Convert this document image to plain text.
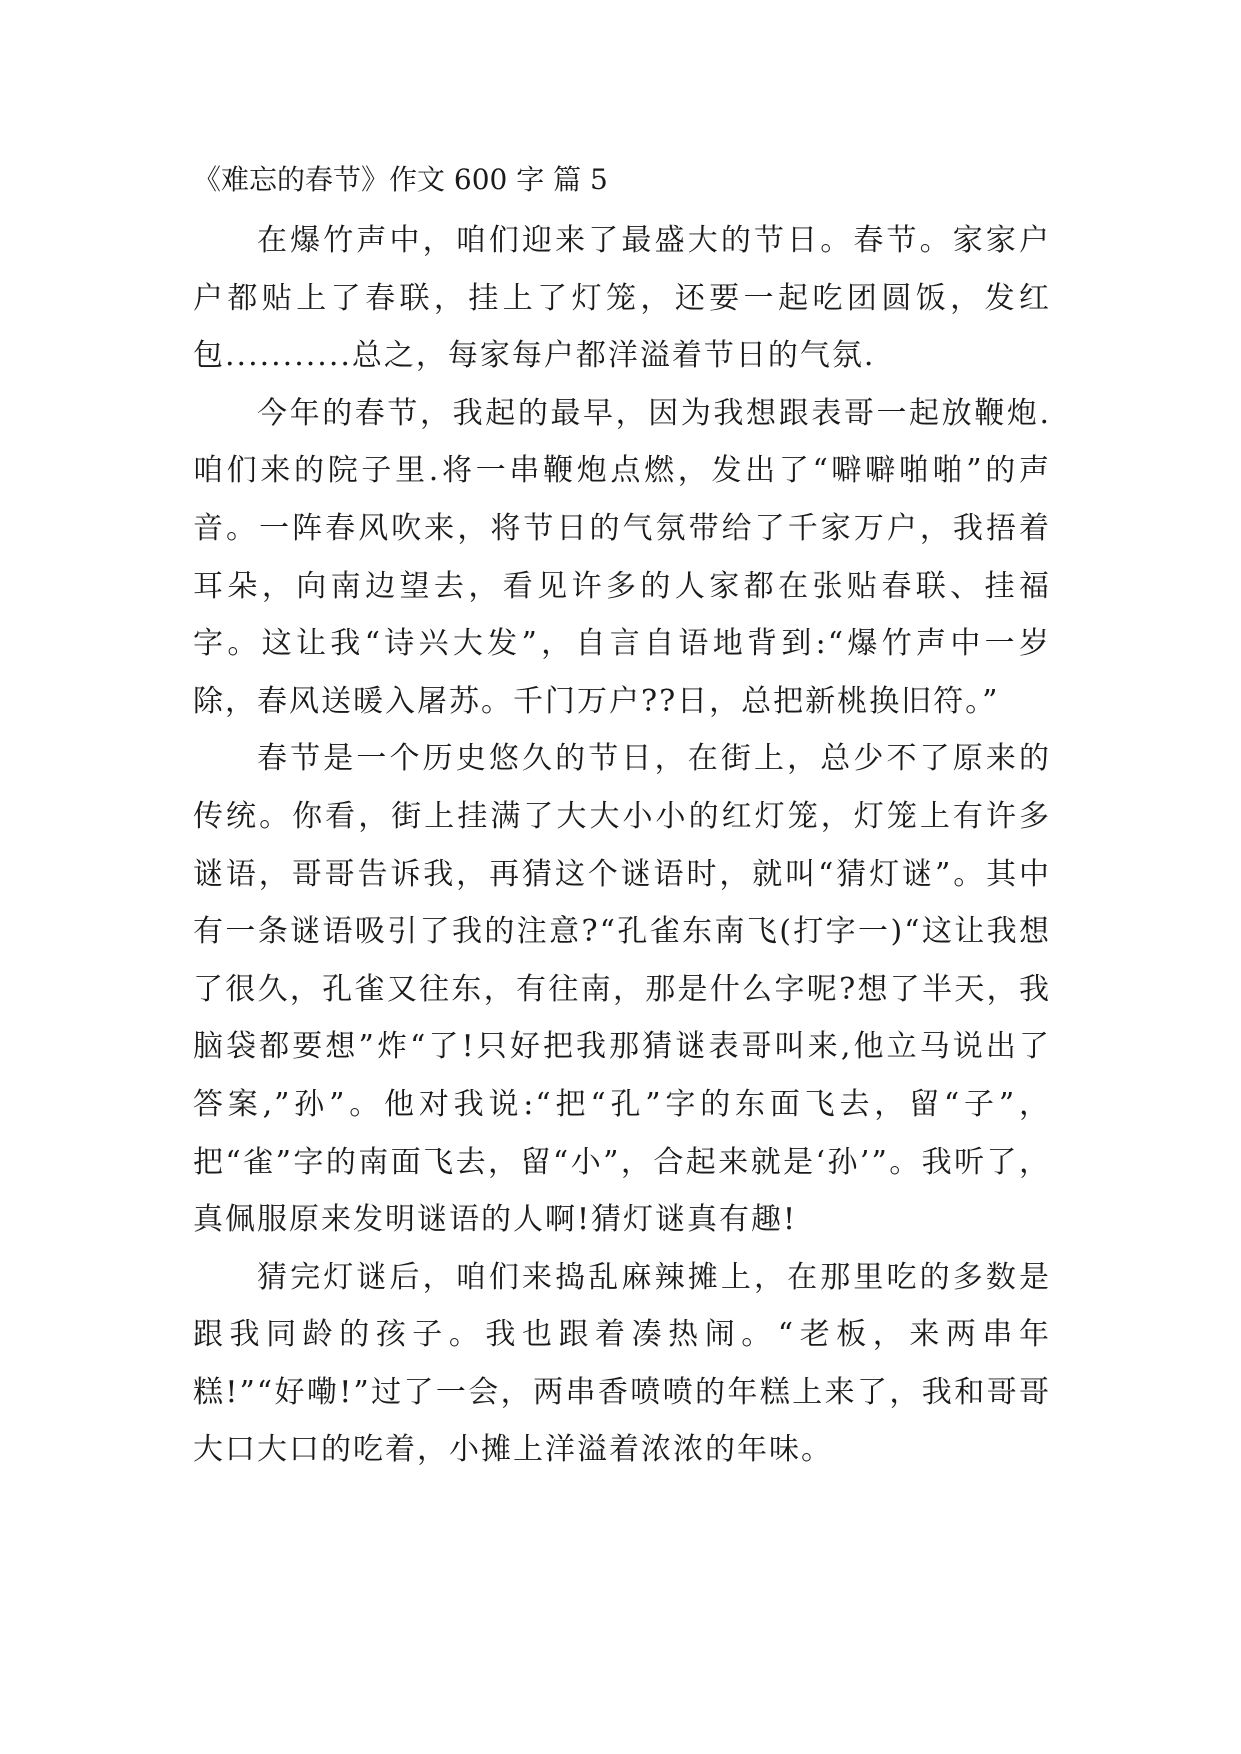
《难忘的春节》作文 600 字 篇 5

在爆竹声中，咱们迎来了最盛大的节日。春节。家家户户都贴上了春联，挂上了灯笼，还要一起吃团圆饭，发红包...........总之，每家每户都洋溢着节日的气氛.

今年的春节，我起的最早，因为我想跟表哥一起放鞭炮.咱们来的院子里.将一串鞭炮点燃，发出了“噼噼啪啪”的声音。一阵春风吹来，将节日的气氛带给了千家万户，我捂着耳朵，向南边望去，看见许多的人家都在张贴春联、挂福字。这让我“诗兴大发”，自言自语地背到:“爆竹声中一岁除，春风送暖入屠苏。千门万户??日，总把新桃换旧符。”

春节是一个历史悠久的节日，在街上，总少不了原来的传统。你看，街上挂满了大大小小的红灯笼，灯笼上有许多谜语，哥哥告诉我，再猜这个谜语时，就叫“猜灯谜”。其中有一条谜语吸引了我的注意?“孔雀东南飞(打字一)“这让我想了很久，孔雀又往东，有往南，那是什么字呢?想了半天，我脑袋都要想”炸“了!只好把我那猜谜表哥叫来,他立马说出了答案,”孙”。他对我说:“把“孔”字的东面飞去，留“子”，把“雀”字的南面飞去，留“小”，合起来就是‘孙’”。我听了，真佩服原来发明谜语的人啊!猜灯谜真有趣!

猜完灯谜后，咱们来捣乱麻辣摊上，在那里吃的多数是跟我同龄的孩子。我也跟着凑热闹。“老板，来两串年糕!”“好嘞!”过了一会，两串香喷喷的年糕上来了，我和哥哥大口大口的吃着，小摊上洋溢着浓浓的年味。
